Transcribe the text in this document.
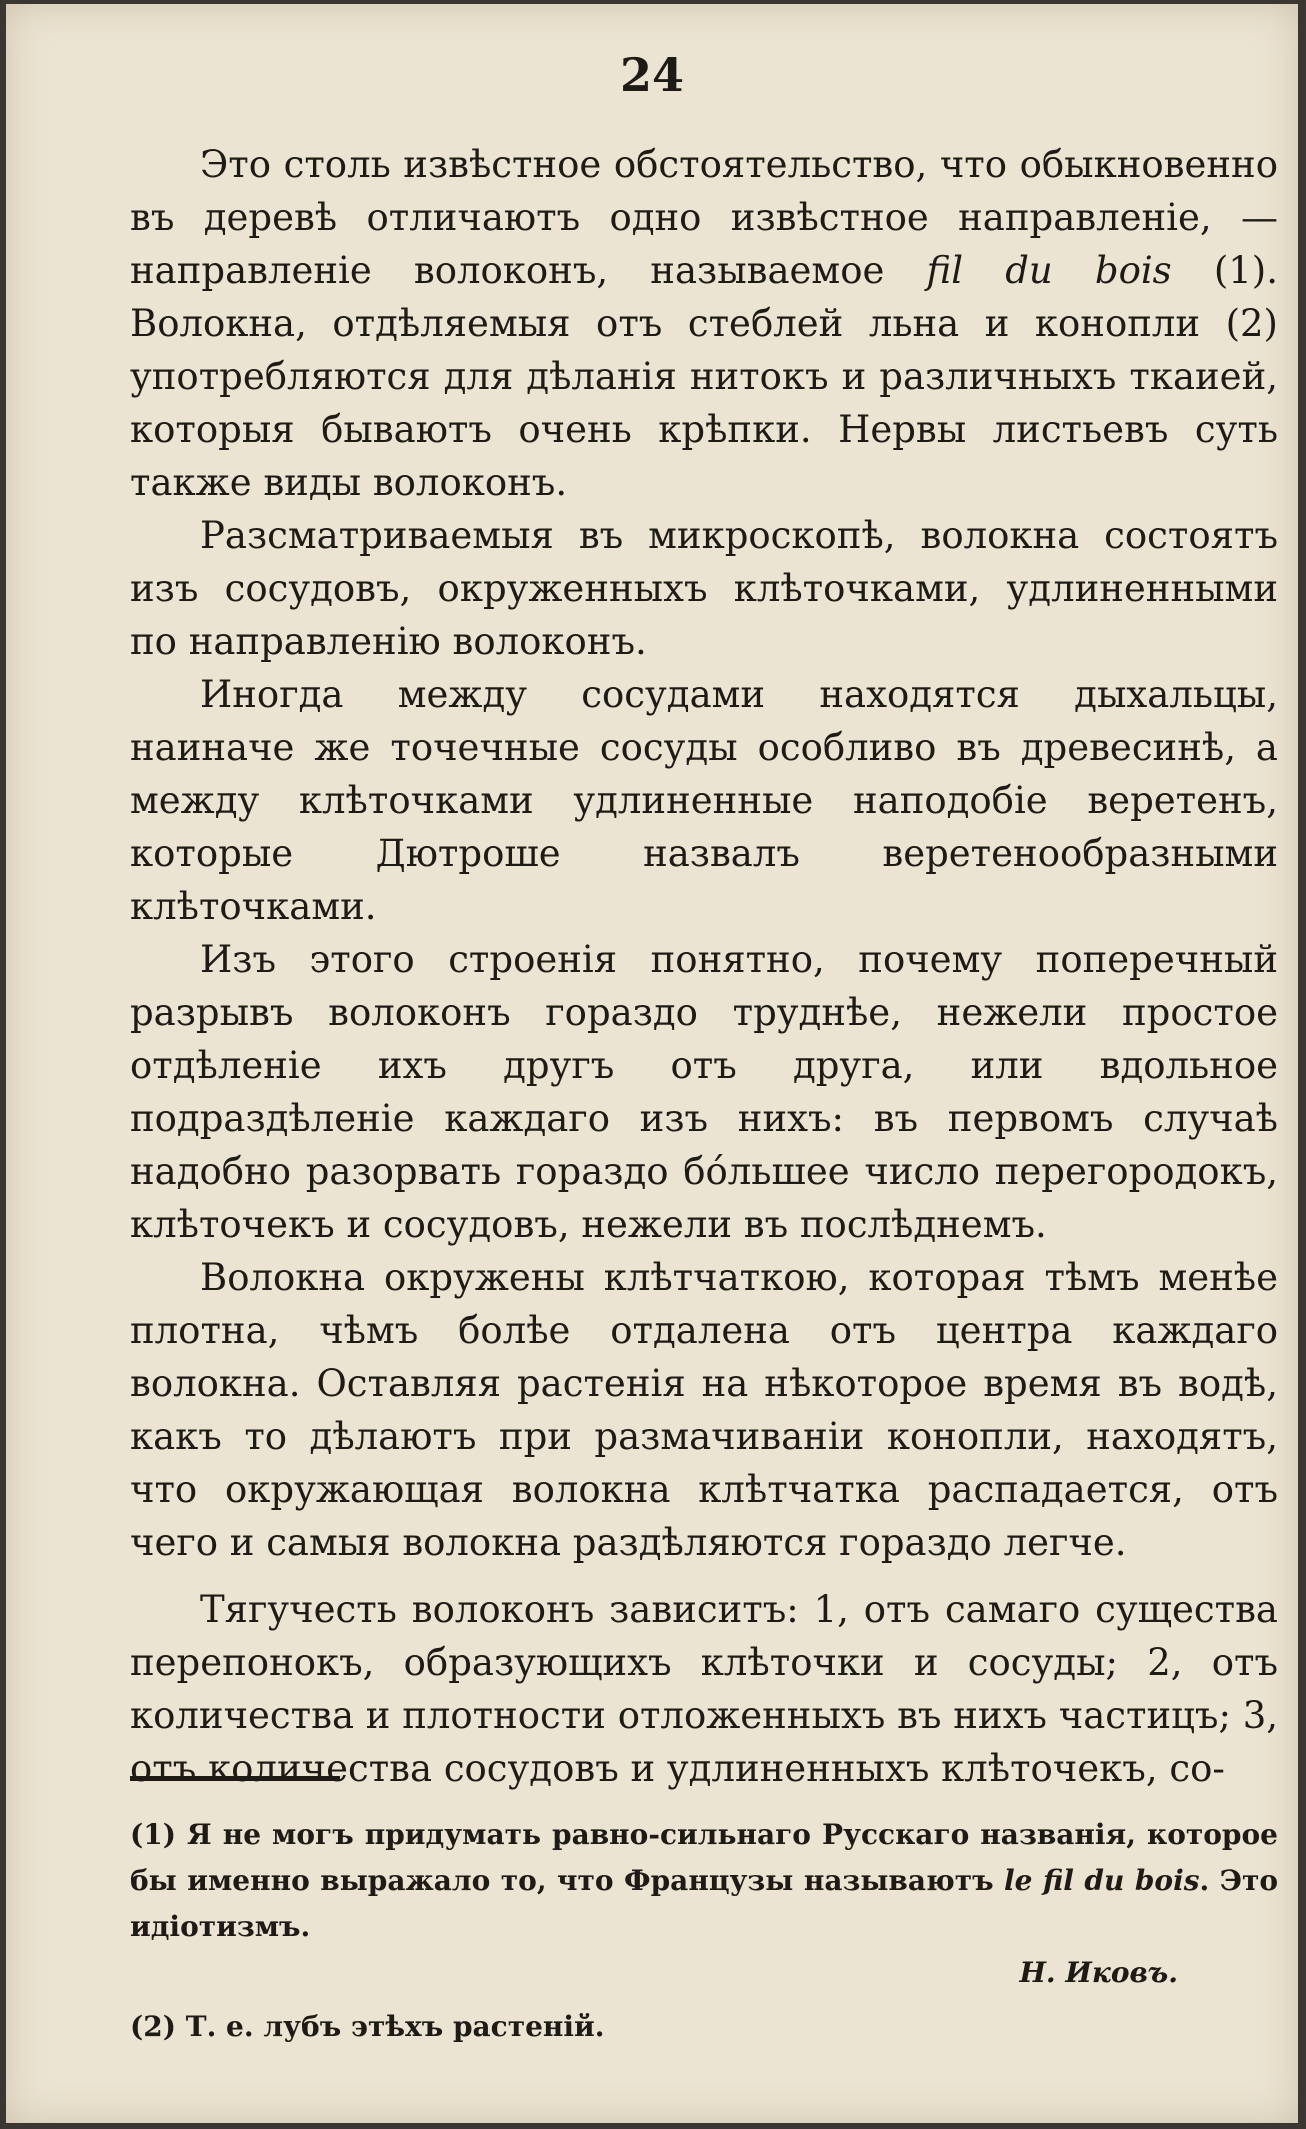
24

Это столь извѣстное обстоятельство, что обыкновенно въ деревѣ отличаютъ одно извѣстное направленіе, — направленіе волоконъ, называемое fil du bois (1). Волокна, отдѣляемыя отъ стеблей льна и конопли (2) употребляются для дѣланія нитокъ и различныхъ ткаией, которыя бываютъ очень крѣпки. Нервы листьевъ суть также виды волоконъ.

Разсматриваемыя въ микроскопѣ, волокна состоятъ изъ сосудовъ, окруженныхъ клѣточками, удлиненными по направленію волоконъ.

Иногда между сосудами находятся дыхальцы, наиначе же точечные сосуды особливо въ древесинѣ, а между клѣточками удлиненные наподобіе веретенъ, которые Дютроше назвалъ веретенообразными клѣточками.

Изъ этого строенія понятно, почему поперечный разрывъ волоконъ гораздо труднѣе, нежели простое отдѣленіе ихъ другъ отъ друга, или вдольное подраздѣленіе каждаго изъ нихъ: въ первомъ случаѣ надобно разорвать гораздо бо́льшее число перегородокъ, клѣточекъ и сосудовъ, нежели въ послѣднемъ.

Волокна окружены клѣтчаткою, которая тѣмъ менѣе плотна, чѣмъ болѣе отдалена отъ центра каждаго волокна. Оставляя растенія на нѣкоторое время въ водѣ, какъ то дѣлаютъ при размачиваніи конопли, находятъ, что окружающая волокна клѣтчатка распадается, отъ чего и самыя волокна раздѣляются гораздо легче.

Тягучесть волоконъ зависитъ: 1, отъ самаго существа перепонокъ, образующихъ клѣточки и сосуды; 2, отъ количества и плотности отложенныхъ въ нихъ частицъ; 3, отъ количества сосудовъ и удлиненныхъ клѣточекъ, со-

(1) Я не могъ придумать равно-сильнаго Русскаго названія, которое бы именно выражало то, что Французы называютъ le fil du bois. Это идіотизмъ.

Н. Иковъ.

(2) Т. е. лубъ этѣхъ растеній.
